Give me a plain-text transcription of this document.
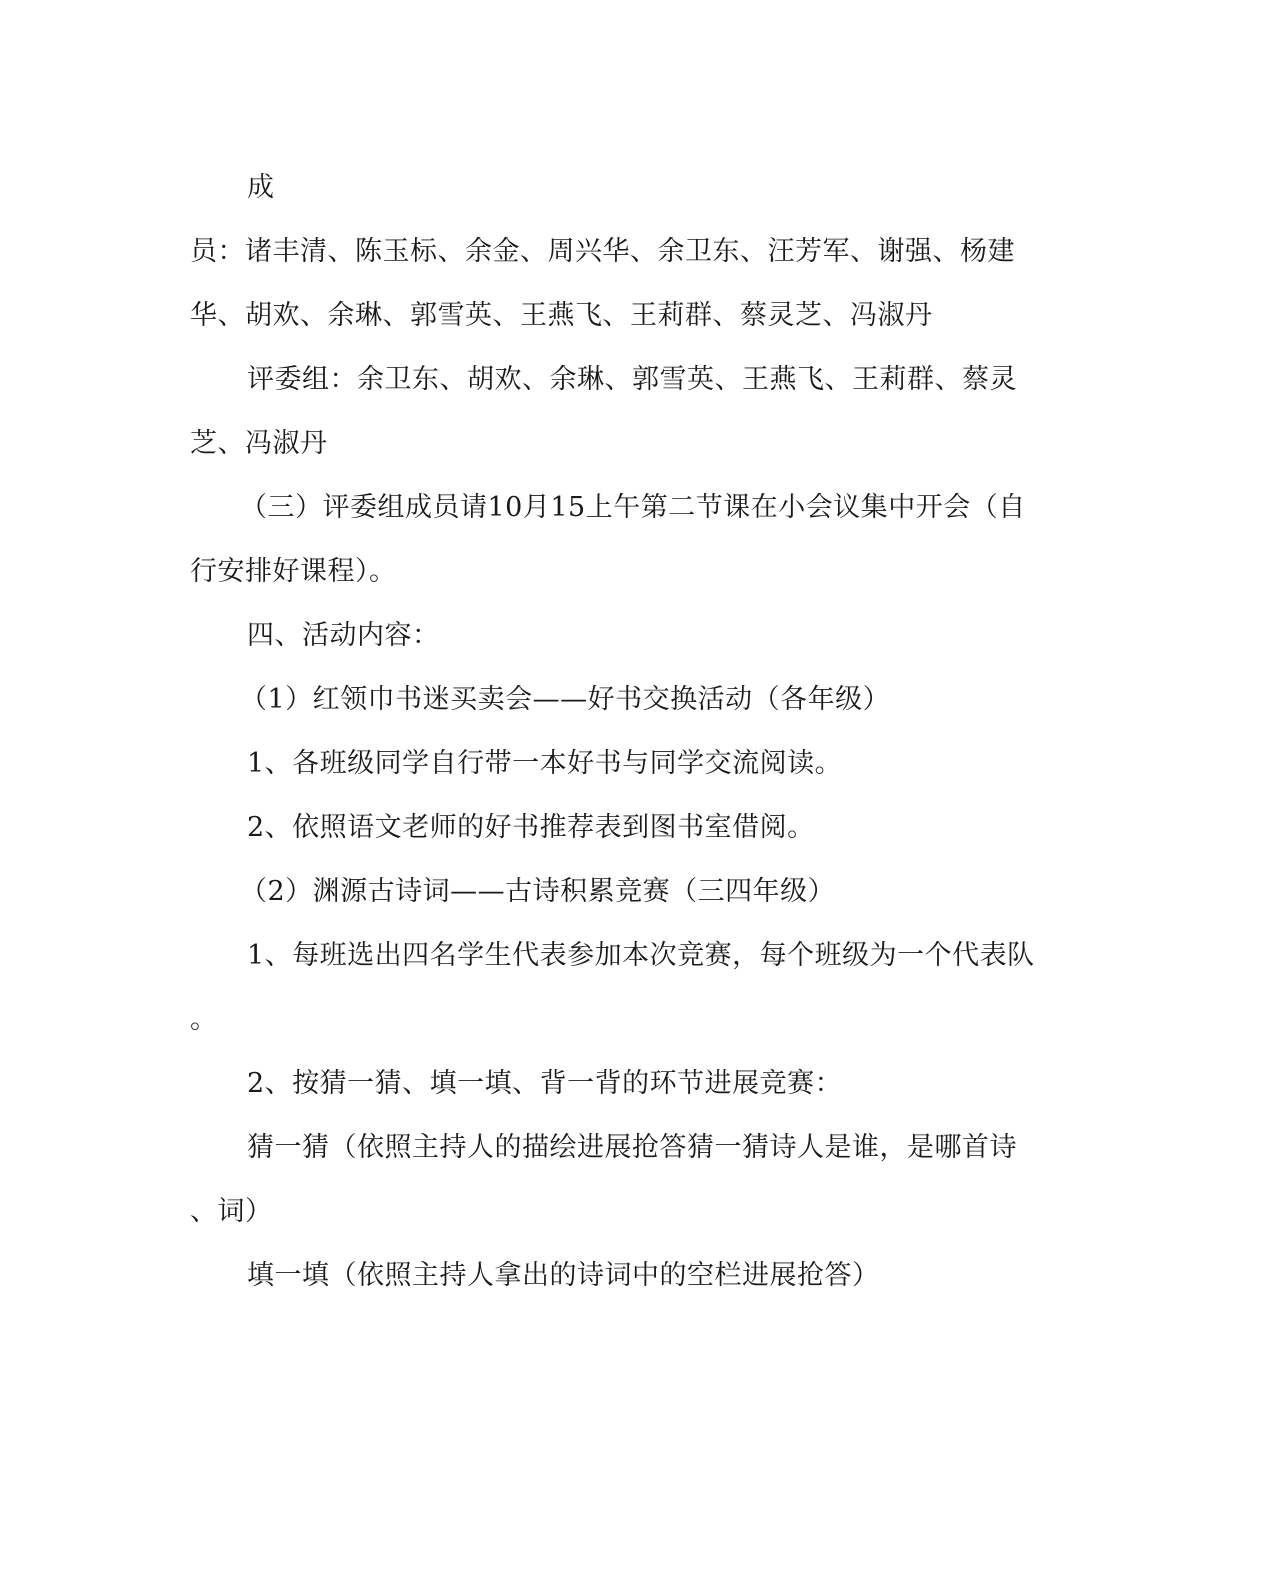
成
员：诸丰清、陈玉标、余金、周兴华、余卫东、汪芳军、谢强、杨建
华、胡欢、余琳、郭雪英、王燕飞、王莉群、蔡灵芝、冯淑丹
评委组：余卫东、胡欢、余琳、郭雪英、王燕飞、王莉群、蔡灵
芝、冯淑丹
（三）评委组成员请10月15上午第二节课在小会议集中开会（自
行安排好课程）。
四、活动内容：
（1）红领巾书迷买卖会——好书交换活动（各年级）
1、各班级同学自行带一本好书与同学交流阅读。
2、依照语文老师的好书推荐表到图书室借阅。
（2）渊源古诗词——古诗积累竞赛（三四年级）
1、每班选出四名学生代表参加本次竞赛，每个班级为一个代表队
。
2、按猜一猜、填一填、背一背的环节进展竞赛：
猜一猜（依照主持人的描绘进展抢答猜一猜诗人是谁，是哪首诗
、词）
填一填（依照主持人拿出的诗词中的空栏进展抢答）
